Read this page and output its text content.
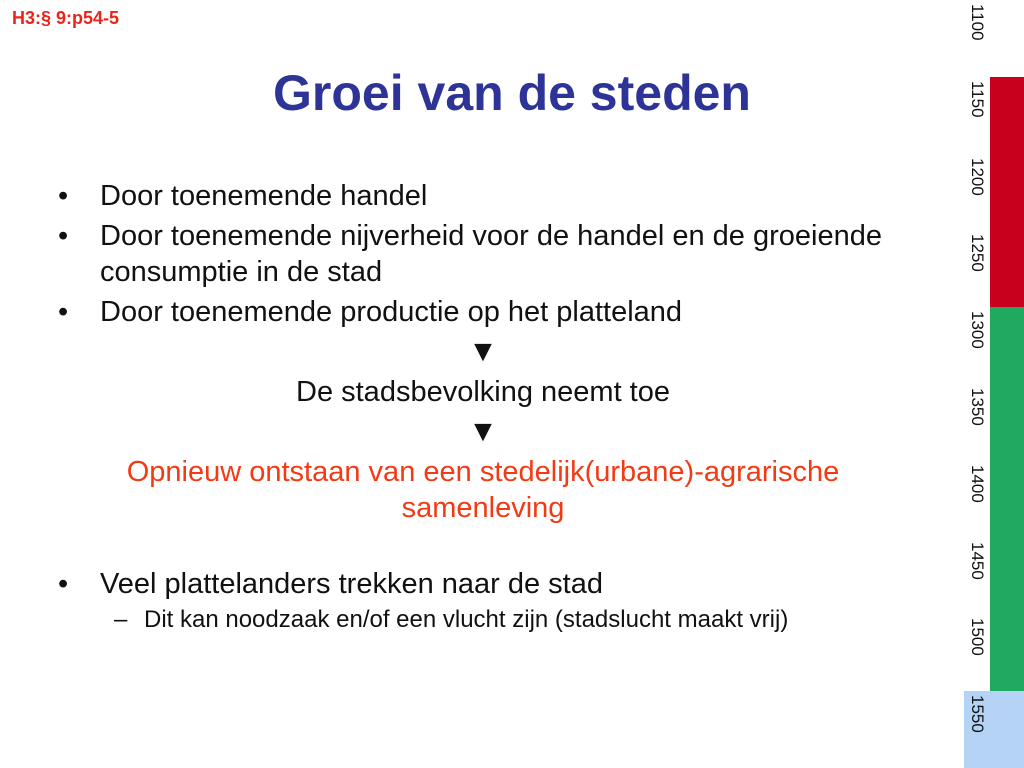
H3:§ 9:p54-5
Groei van de steden
• Door toenemende handel
• Door toenemende nijverheid voor de handel en de groeiende consumptie in de stad
• Door toenemende productie op het platteland
▼
De stadsbevolking neemt toe
▼
Opnieuw ontstaan van een stedelijk(urbane)-agrarische samenleving
• Veel plattelanders trekken naar de stad
– Dit kan noodzaak en/of een vlucht zijn (stadslucht maakt vrij)
1100
1150
1200
1250
1300
1350
1400
1450
1500
1550
